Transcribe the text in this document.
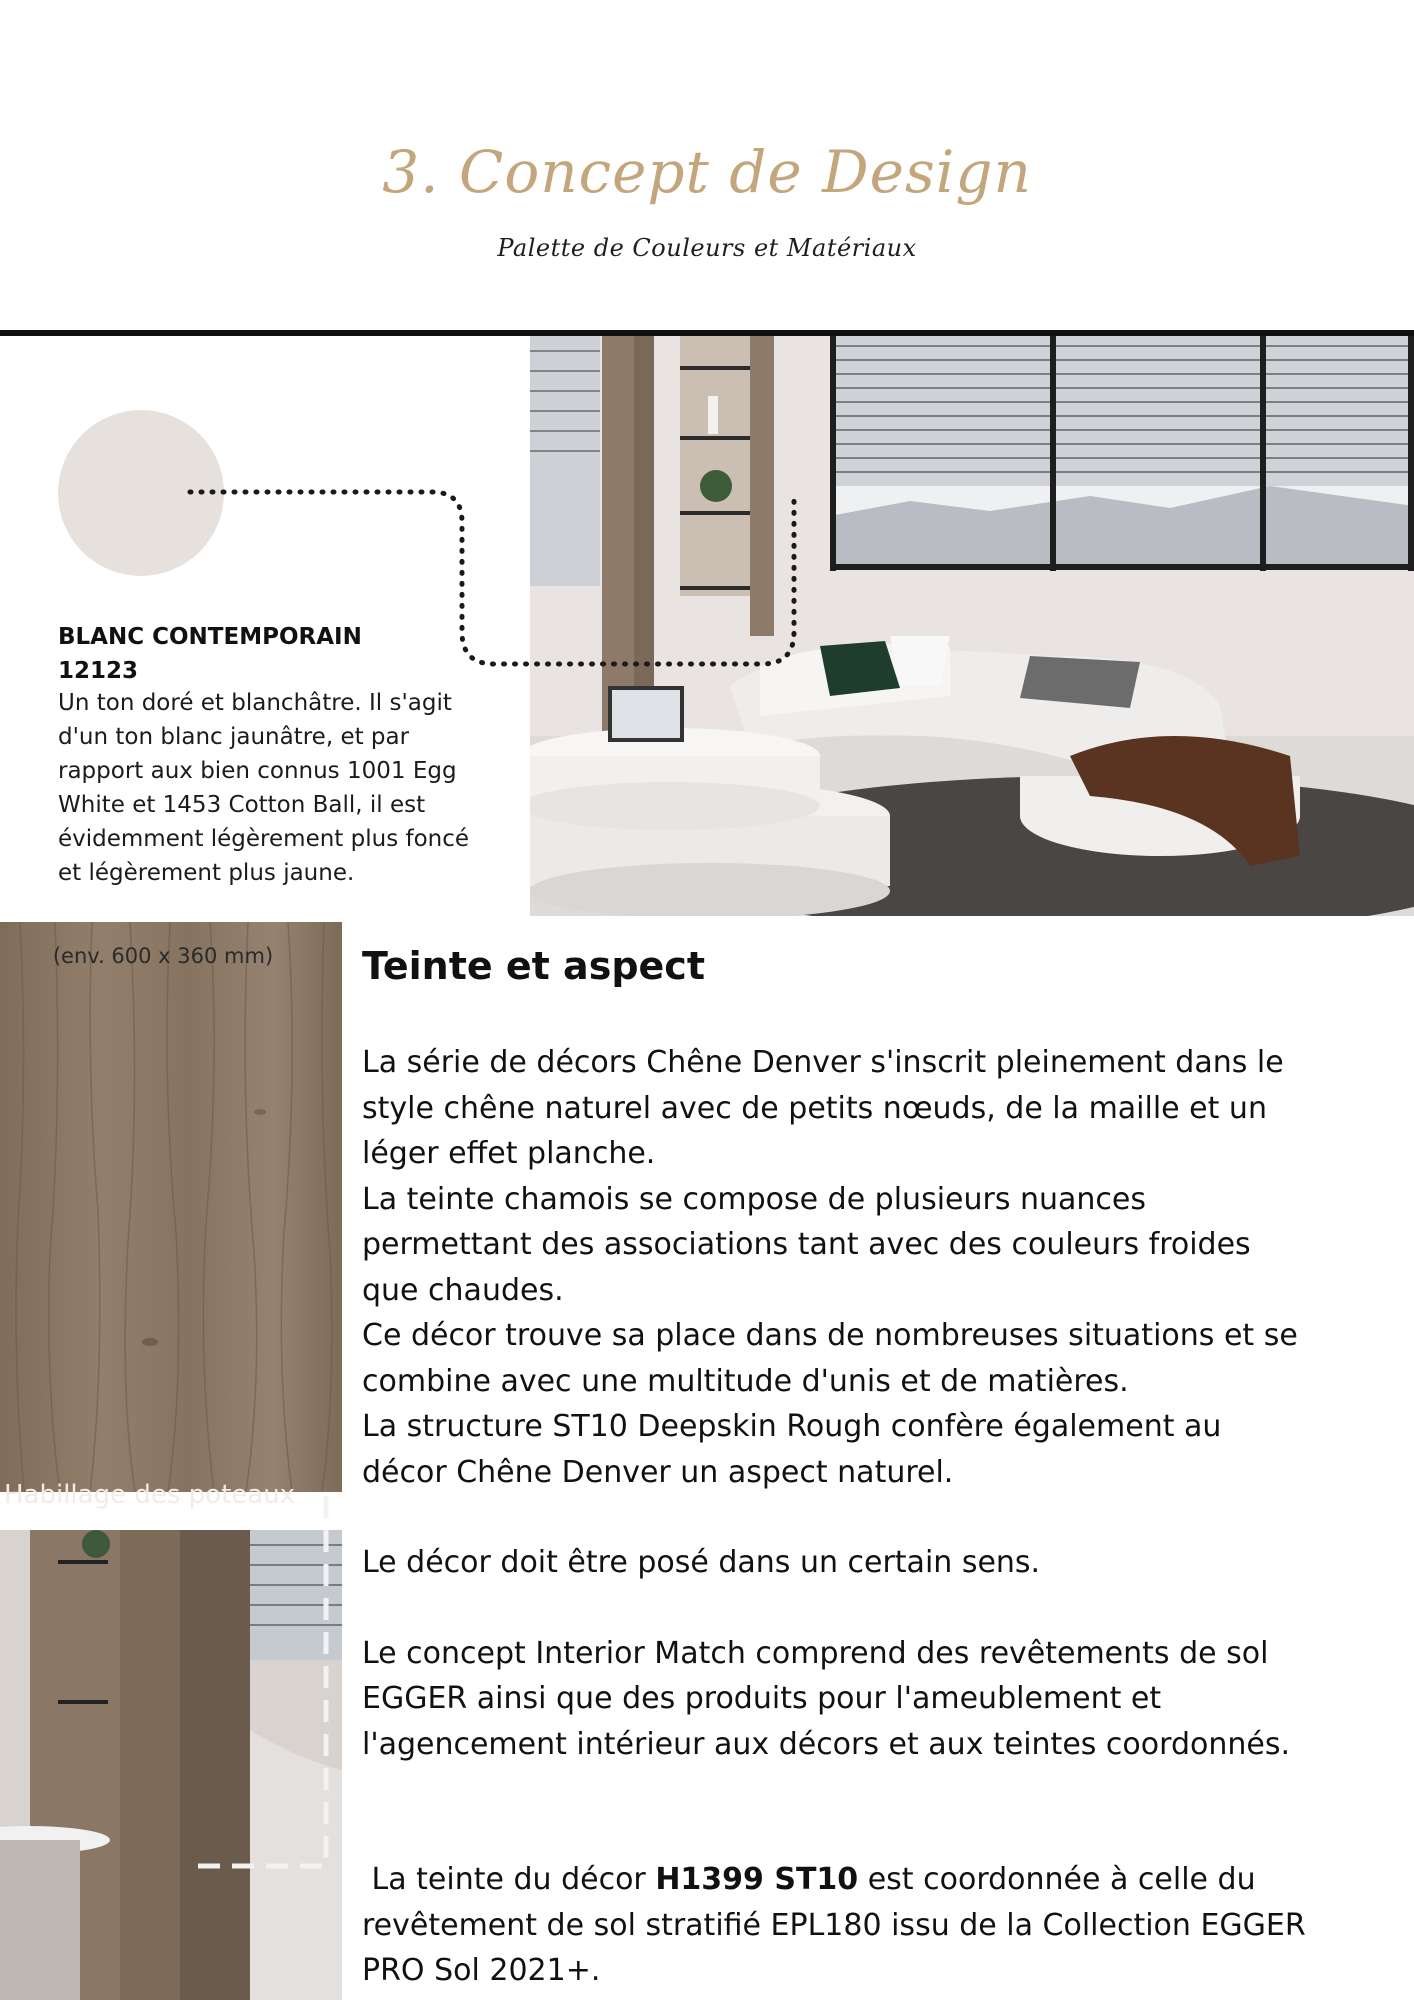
3. Concept de Design
Palette de Couleurs et Matériaux
BLANC CONTEMPORAIN
12123
Un ton doré et blanchâtre. Il s'agit
d'un ton blanc jaunâtre, et par
rapport aux bien connus 1001 Egg
White et 1453 Cotton Ball, il est
évidemment légèrement plus foncé
et légèrement plus jaune.
(env. 600 x 360 mm)
Habillage des poteaux
Teinte et aspect

La série de décors Chêne Denver s'inscrit pleinement dans le

style chêne naturel avec de petits nœuds, de la maille et un

léger effet planche.

La teinte chamois se compose de plusieurs nuances

permettant des associations tant avec des couleurs froides

que chaudes.

Ce décor trouve sa place dans de nombreuses situations et se

combine avec une multitude d'unis et de matières.

La structure ST10 Deepskin Rough confère également au

décor Chêne Denver un aspect naturel.

Le décor doit être posé dans un certain sens.

Le concept Interior Match comprend des revêtements de sol

EGGER ainsi que des produits pour l'ameublement et

l'agencement intérieur aux décors et aux teintes coordonnés.

La teinte du décor H1399 ST10 est coordonnée à celle du

revêtement de sol stratifié EPL180 issu de la Collection EGGER

PRO Sol 2021+.
